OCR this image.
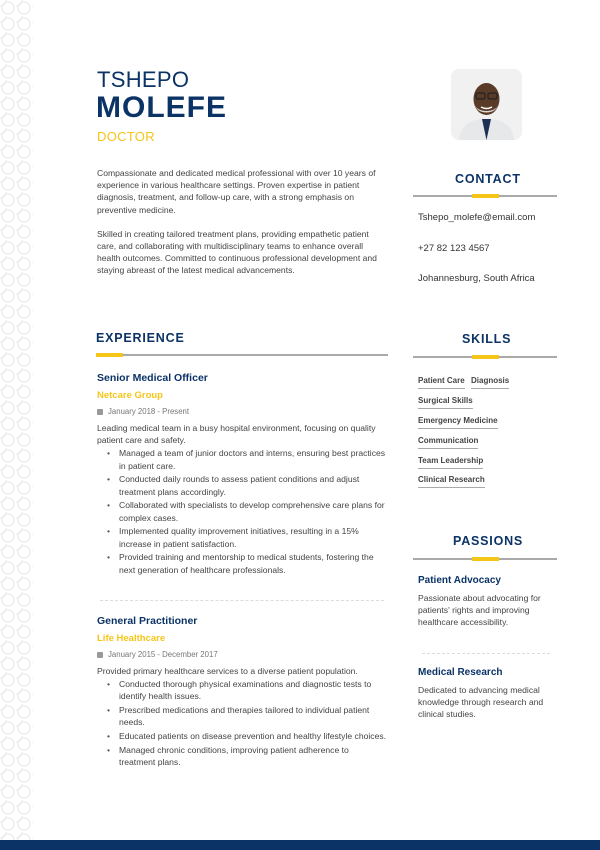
TSHEPO
MOLEFE
DOCTOR

Compassionate and dedicated medical professional with over 10 years of experience in various healthcare settings. Proven expertise in patient diagnosis, treatment, and follow-up care, with a strong emphasis on preventive medicine.

Skilled in creating tailored treatment plans, providing empathetic patient care, and collaborating with multidisciplinary teams to enhance overall health outcomes. Committed to continuous professional development and staying abreast of the latest medical advancements.

CONTACT
Tshepo_molefe@email.com
+27 82 123 4567
Johannesburg, South Africa
EXPERIENCE
Senior Medical Officer
Netcare Group
January 2018 - Present
Leading medical team in a busy hospital environment, focusing on quality patient care and safety.
• Managed a team of junior doctors and interns, ensuring best practices in patient care.
• Conducted daily rounds to assess patient conditions and adjust treatment plans accordingly.
• Collaborated with specialists to develop comprehensive care plans for complex cases.
• Implemented quality improvement initiatives, resulting in a 15% increase in patient satisfaction.
• Provided training and mentorship to medical students, fostering the next generation of healthcare professionals.
General Practitioner
Life Healthcare
January 2015 - December 2017
Provided primary healthcare services to a diverse patient population.
• Conducted thorough physical examinations and diagnostic tests to identify health issues.
• Prescribed medications and therapies tailored to individual patient needs.
• Educated patients on disease prevention and healthy lifestyle choices.
• Managed chronic conditions, improving patient adherence to treatment plans.
SKILLS
Patient Care Diagnosis
Surgical Skills
Emergency Medicine
Communication
Team Leadership
Clinical Research
PASSIONS
Patient Advocacy
Passionate about advocating for patients' rights and improving healthcare accessibility.
Medical Research
Dedicated to advancing medical knowledge through research and clinical studies.
